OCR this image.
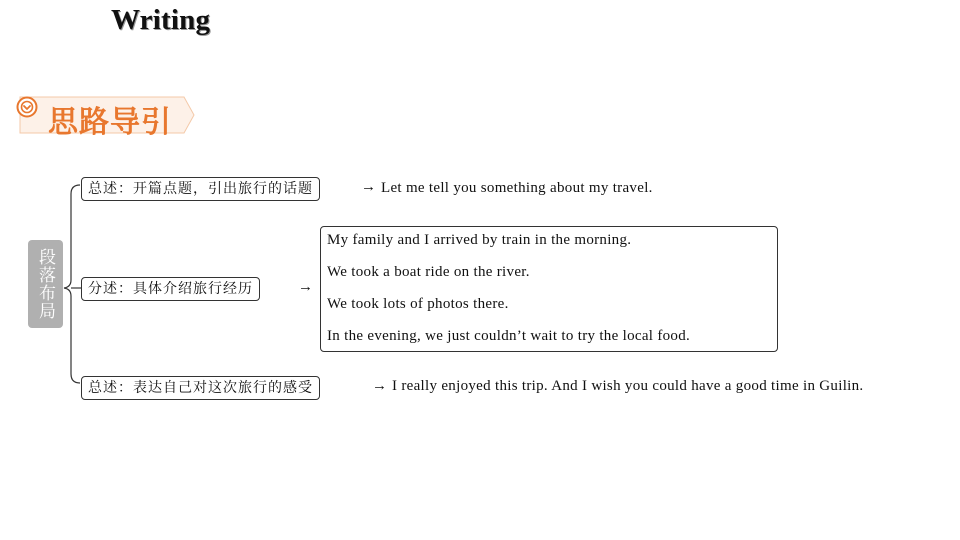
Writing
思路导引
段落布局
总述：开篇点题，引出旅行的话题	→ Let me tell you something about my travel.
分述：具体介绍旅行经历	→
My family and I arrived by train in the morning.
We took a boat ride on the river.
We took lots of photos there.
In the evening, we just couldn’t wait to try the local food.
总述：表达自己对这次旅行的感受	→ I really enjoyed this trip. And I wish you could have a good time in Guilin.
